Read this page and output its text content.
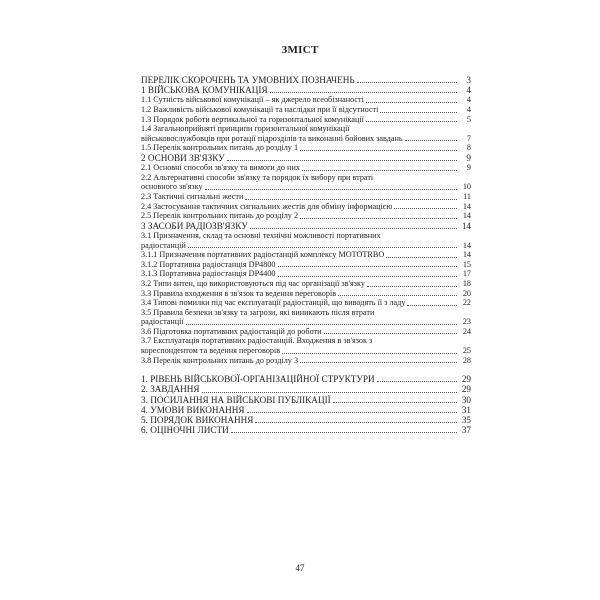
ЗМІСТ
ПЕРЕЛІК СКОРОЧЕНЬ ТА УМОВНИХ ПОЗНАЧЕНЬ	3
1 ВІЙСЬКОВА КОМУНІКАЦІЯ	4
1.1 Сутність військової комунікації – як джерело всеобізнаності	4
1.2 Важливість військової комунікації та наслідки при її відсутності	4
1.3 Порядок роботи вертикальної та горизонтальної комунікації	5
1.4 Загальноприйняті принципи горизонтальної комунікації
військовослужбовців при ротації підрозділів та виконанні бойових завдань	7
1.5 Перелік контрольних питань до розділу 1	8
2 ОСНОВИ ЗВ'ЯЗКУ	9
2.1 Основні способи зв'язку та вимоги до них	9
2.2 Альтернативні способи зв'язку та порядок їх вибору при втраті
основного зв'язку	10
2.3 Тактичні сигнальні жести	11
2.4 Застосування тактичних сигнальних жестів для обміну інформацією	14
2.5 Перелік контрольних питань до розділу 2	14
3 ЗАСОБИ РАДІОЗВ'ЯЗКУ	14
3.1 Призначення, склад та основні технічні можливості портативних
радіостанцій	14
3.1.1 Призначення портативних радіостанцій комплексу MOTOTRBO	14
3.1.2 Портативна радіостанція DP4800	15
3.1.3 Портативна радіостанція DP4400	17
3.2 Типи антен, що використовуються під час організації зв'язку	18
3.3 Правила входження в зв'язок та ведення переговорів	20
3.4 Типові помилки під час експлуатації радіостанцій, що виводять її з ладу	22
3.5 Правила безпеки зв'язку та загрози, які виникають після втрати
радіостанції	23
3.6 Підготовка портативних радіостанцій до роботи	24
3.7 Експлуатація портативних радіостанцій. Входження в зв'язок з
кореспондентом та ведення переговорів	25
3.8 Перелік контрольних питань до розділу 3	28
1. РІВЕНЬ ВІЙСЬКОВОЇ-ОРГАНІЗАЦІЙНОЇ СТРУКТУРИ	29
2. ЗАВДАННЯ	29
3. ПОСИЛАННЯ НА ВІЙСЬКОВІ ПУБЛІКАЦІЇ	30
4. УМОВИ ВИКОНАННЯ	31
5. ПОРЯДОК ВИКОНАННЯ	35
6. ОЦІНОЧНІ ЛИСТИ	37
47
